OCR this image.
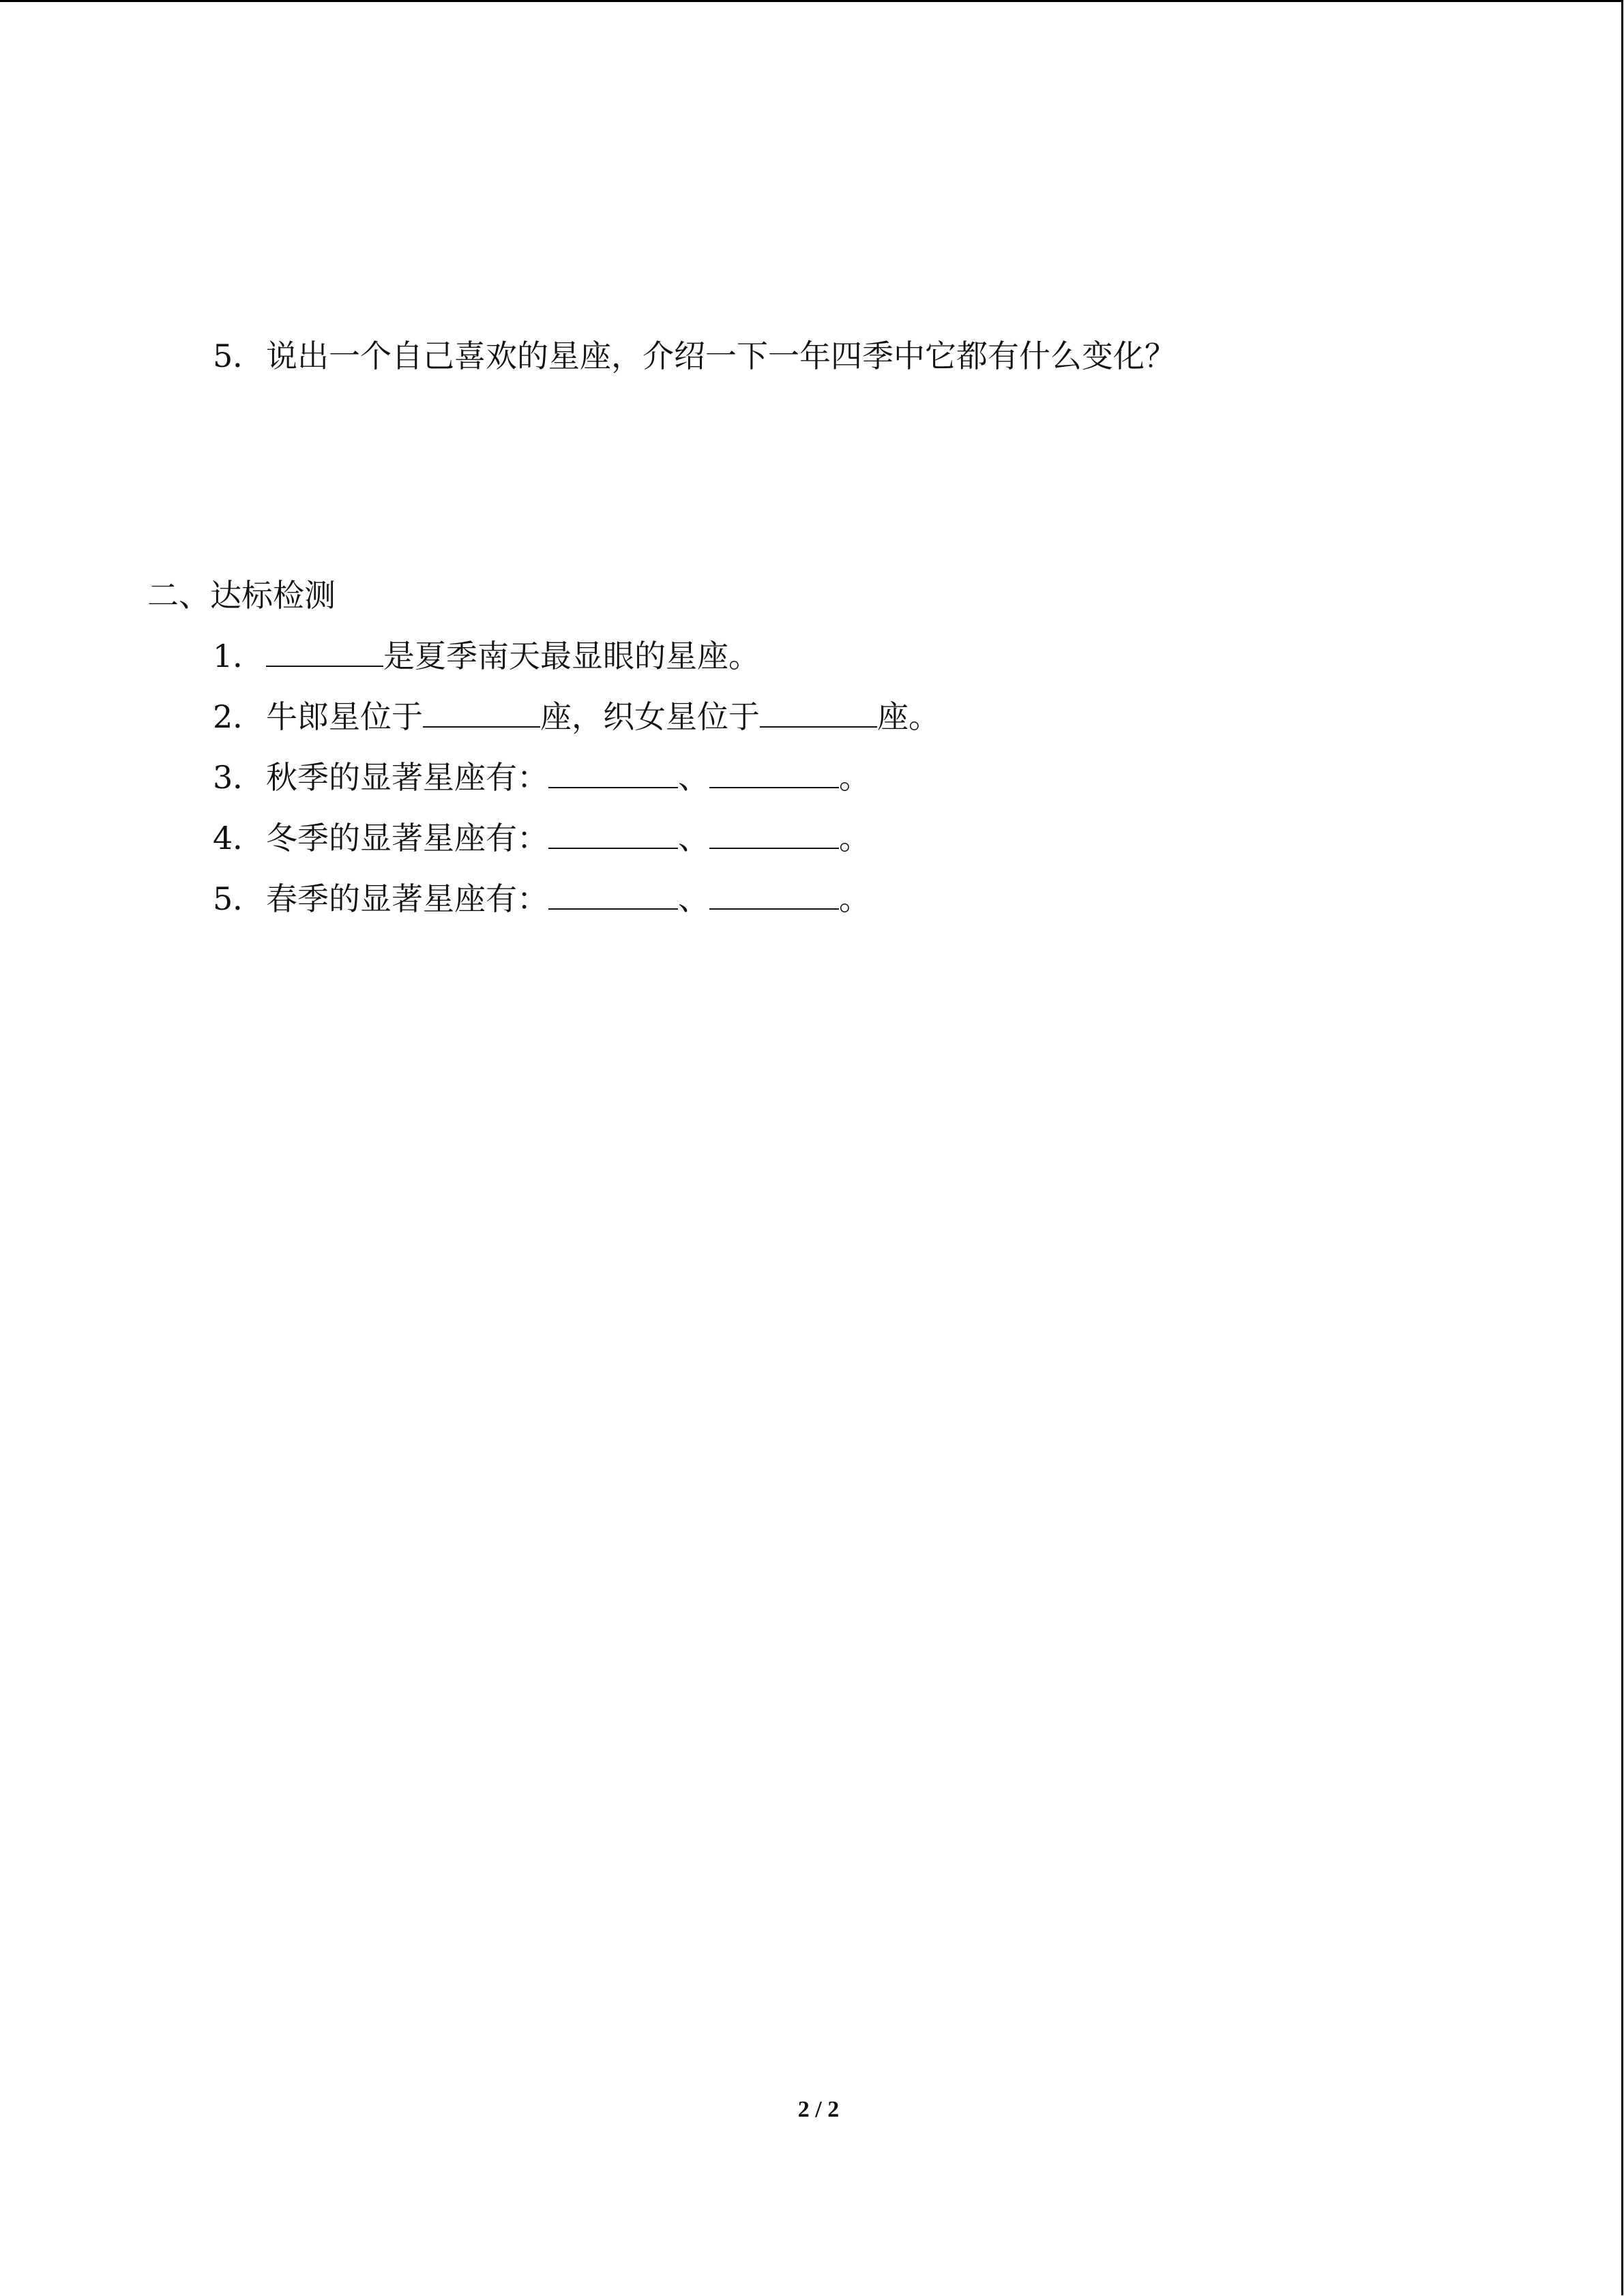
5．说出一个自己喜欢的星座，介绍一下一年四季中它都有什么变化？
二、达标检测
1．	是夏季南天最显眼的星座。
2．牛郎星位于	座，织女星位于	座。
3．秋季的显著星座有：	、	。
4．冬季的显著星座有：	、	。
5．春季的显著星座有：	、	。
2 / 2
